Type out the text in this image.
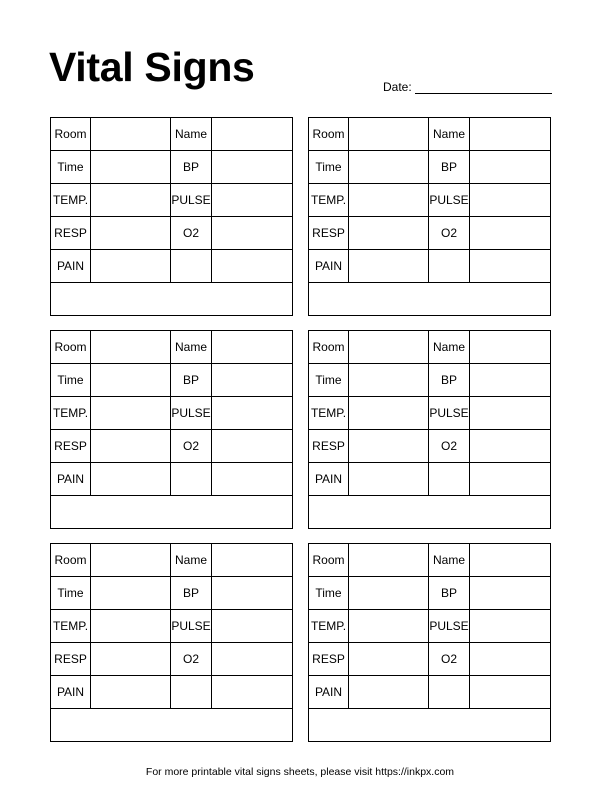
Vital Signs	Date:
Room	Name
Time	BP
TEMP.	PULSE
RESP	O2
PAIN
Room	Name
Time	BP
TEMP.	PULSE
RESP	O2
PAIN
Room	Name
Time	BP
TEMP.	PULSE
RESP	O2
PAIN
Room	Name
Time	BP
TEMP.	PULSE
RESP	O2
PAIN
Room	Name
Time	BP
TEMP.	PULSE
RESP	O2
PAIN
Room	Name
Time	BP
TEMP.	PULSE
RESP	O2
PAIN
For more printable vital signs sheets, please visit https://inkpx.com
